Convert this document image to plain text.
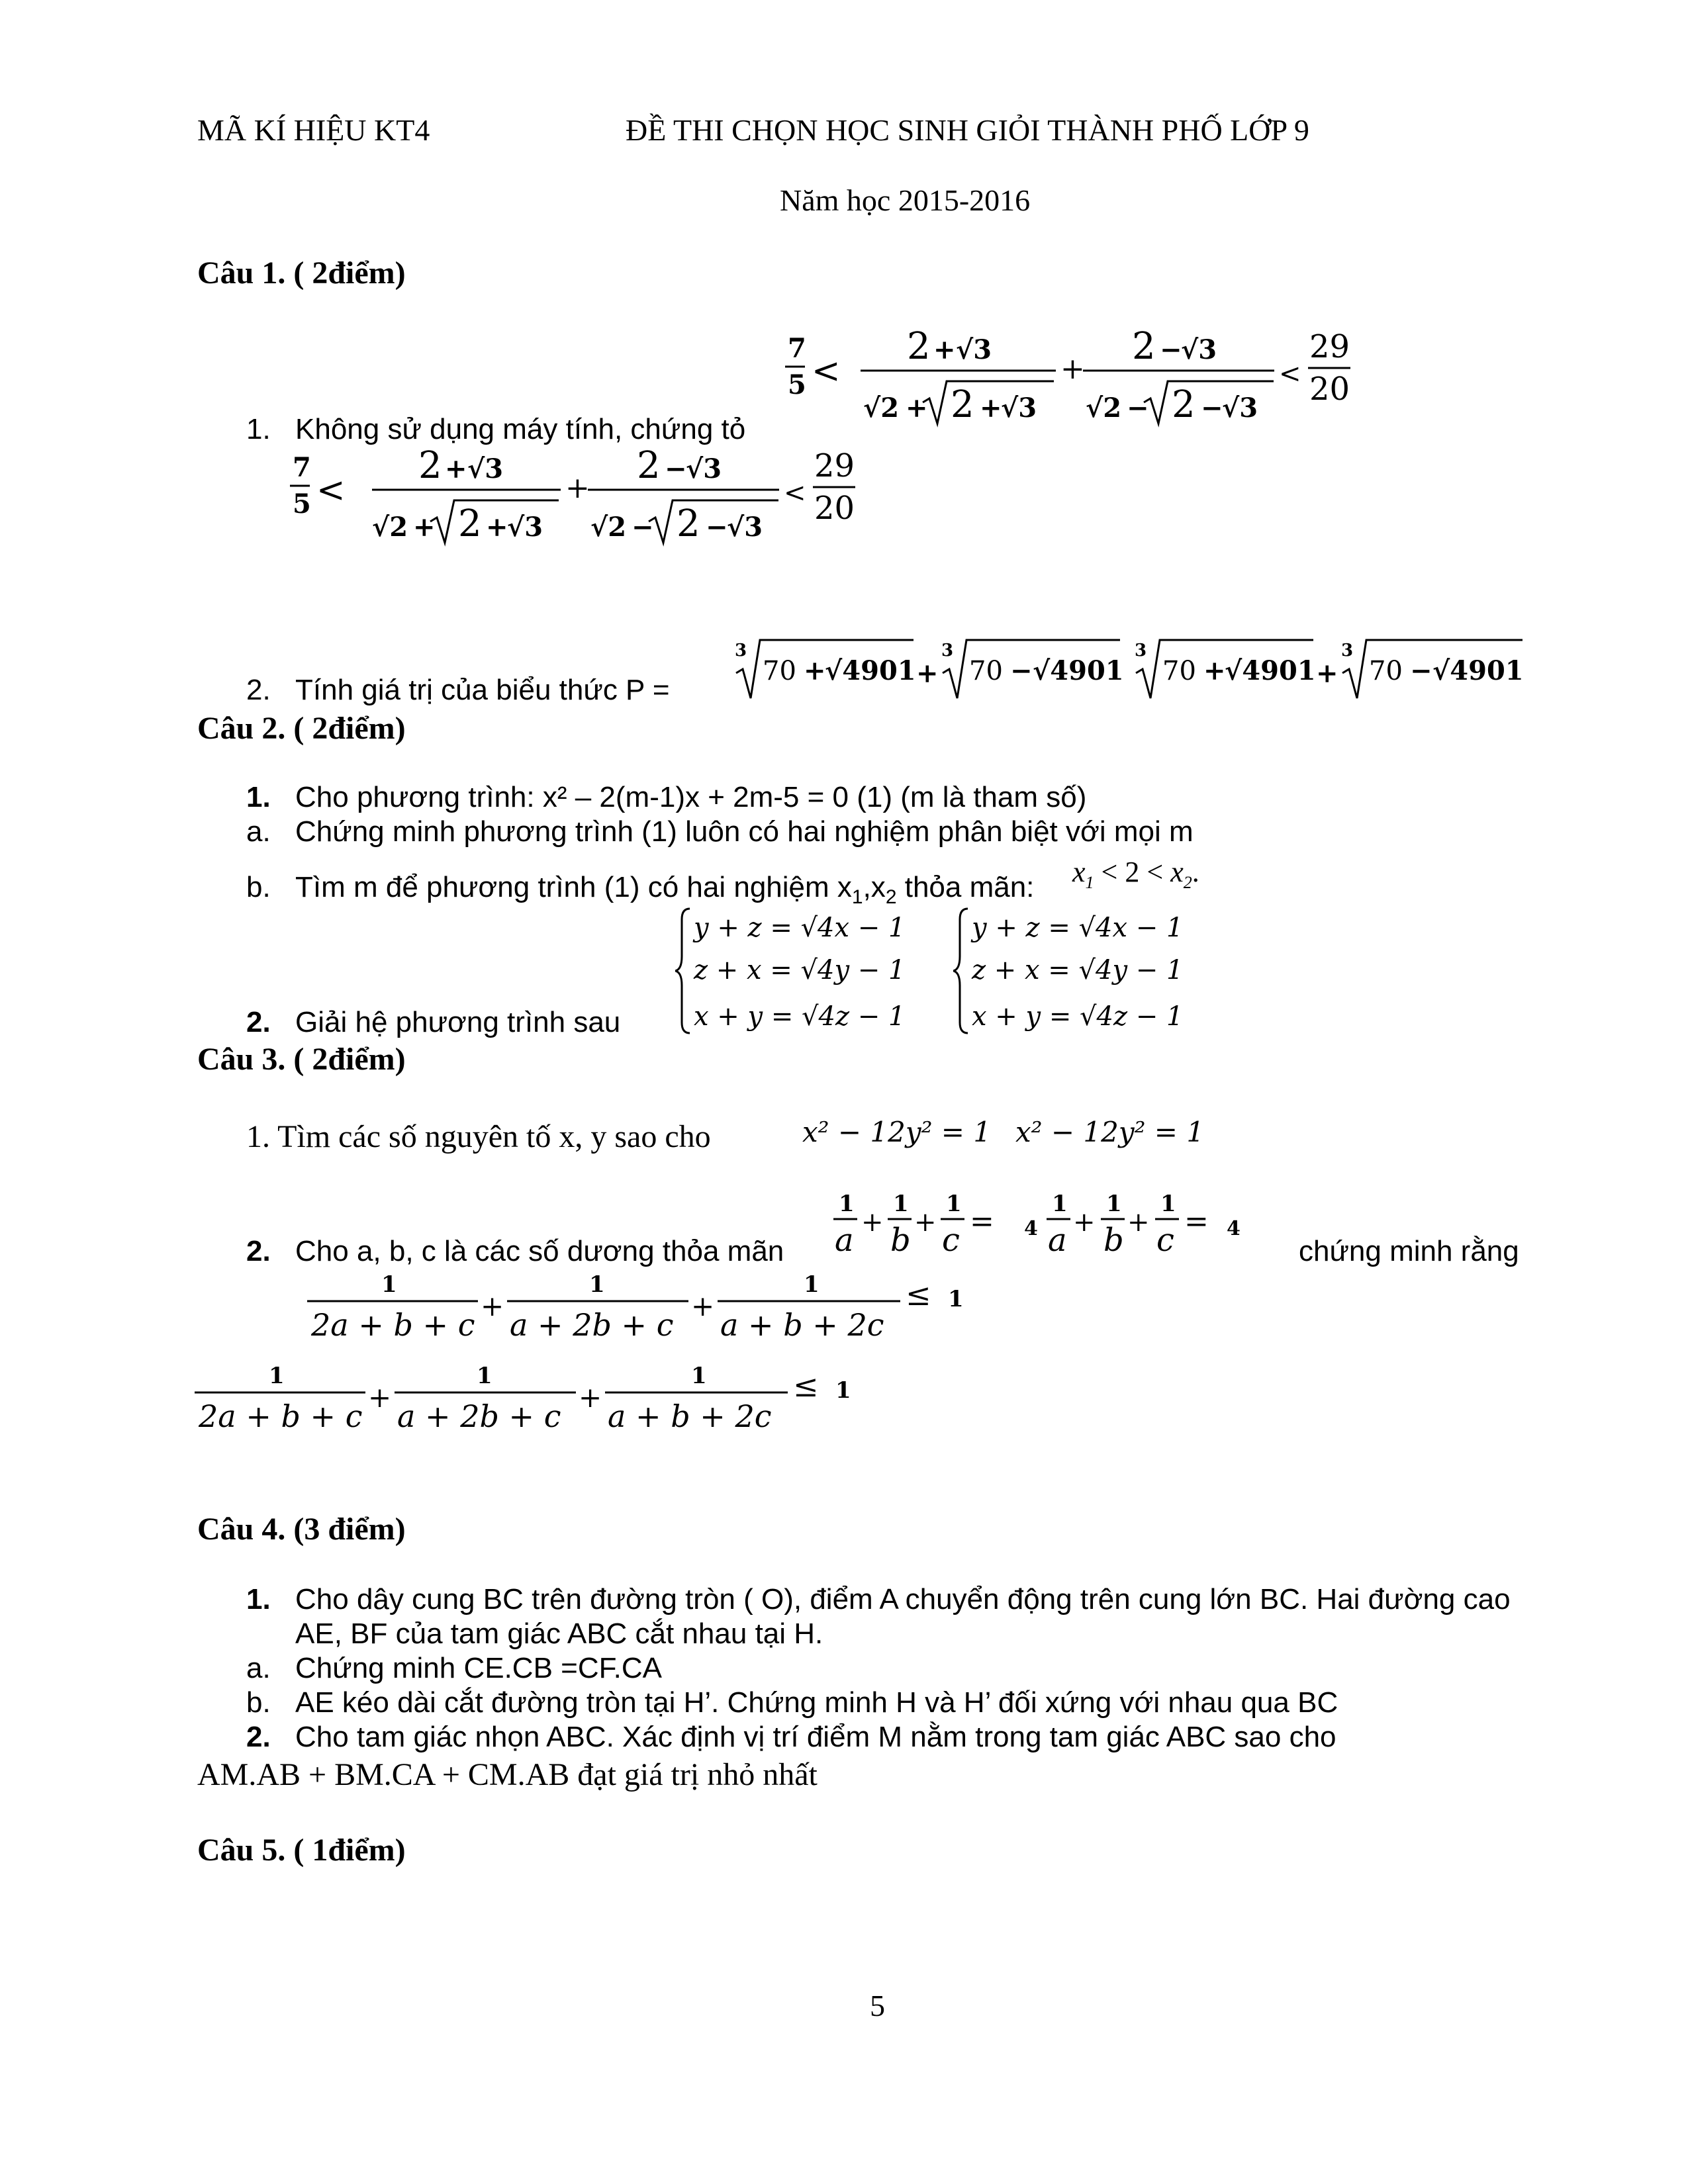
MÃ KÍ HIỆU KT4	ĐỀ THI CHỌN HỌC SINH GIỎI THÀNH PHỐ LỚP 9
Năm học 2015-2016
Câu 1. ( 2điểm)
7
5 <
2 + √3
√2 + 2 +
√3
+
2 −
√3
√2 − 2 −
√3
<
29
20
1. Không sử dụng máy tính, chứng tỏ
7
5 <
2 + √3
√2 + 2 +
√3
+
2 −
√3
√2 − 2 −
√3
<
29
20
2. Tính giá trị của biểu thức P =
3
70 +
√4901 +
3
70 − √4901
3
70 +
√4901 +
3
70 − √4901
Câu 2. ( 2điểm)
1. Cho phương trình: x² – 2(m-1)x + 2m-5 = 0 (1) (m là tham số)
a. Chứng minh phương trình (1) luôn có hai nghiệm phân biệt với mọi m
b. Tìm m để phương trình (1) có hai nghiệm $x_1,x_2$ thỏa mãn: $x_1 < 2 < x_2$.
y + z = √4x − 1
z + x = √4y − 1
x + y = √4z − 1
y + z = √4x − 1
z + x = √4y − 1
x + y = √4z − 1
2. Giải hệ phương trình sau
Câu 3. ( 2điểm)
1. Tìm các số nguyên tố x, y sao cho	x² − 12y² = 1 x² − 12y² = 1
1
a +
1
b +
1
c
= 4
1
a +
1
b +
1
c
= 4
2. Cho a, b, c là các số dương thỏa mãn	chứng minh rằng
1
2a + b + c
+
1
a + 2b + c
+
1
a + b + 2c
≤ 1
1
2a + b + c
+
1
a + 2b + c
+
1
a + b + 2c
≤ 1
Câu 4. (3 điểm)
1. Cho dây cung BC trên đường tròn ( O), điểm A chuyển động trên cung lớn BC. Hai đường cao
AE, BF của tam giác ABC cắt nhau tại H.
a. Chứng minh CE.CB =CF.CA
b. AE kéo dài cắt đường tròn tại H’. Chứng minh H và H’ đối xứng với nhau qua BC
2. Cho tam giác nhọn ABC. Xác định vị trí điểm M nằm trong tam giác ABC sao cho
AM.AB + BM.CA + CM.AB đạt giá trị nhỏ nhất
Câu 5. ( 1điểm)
5
